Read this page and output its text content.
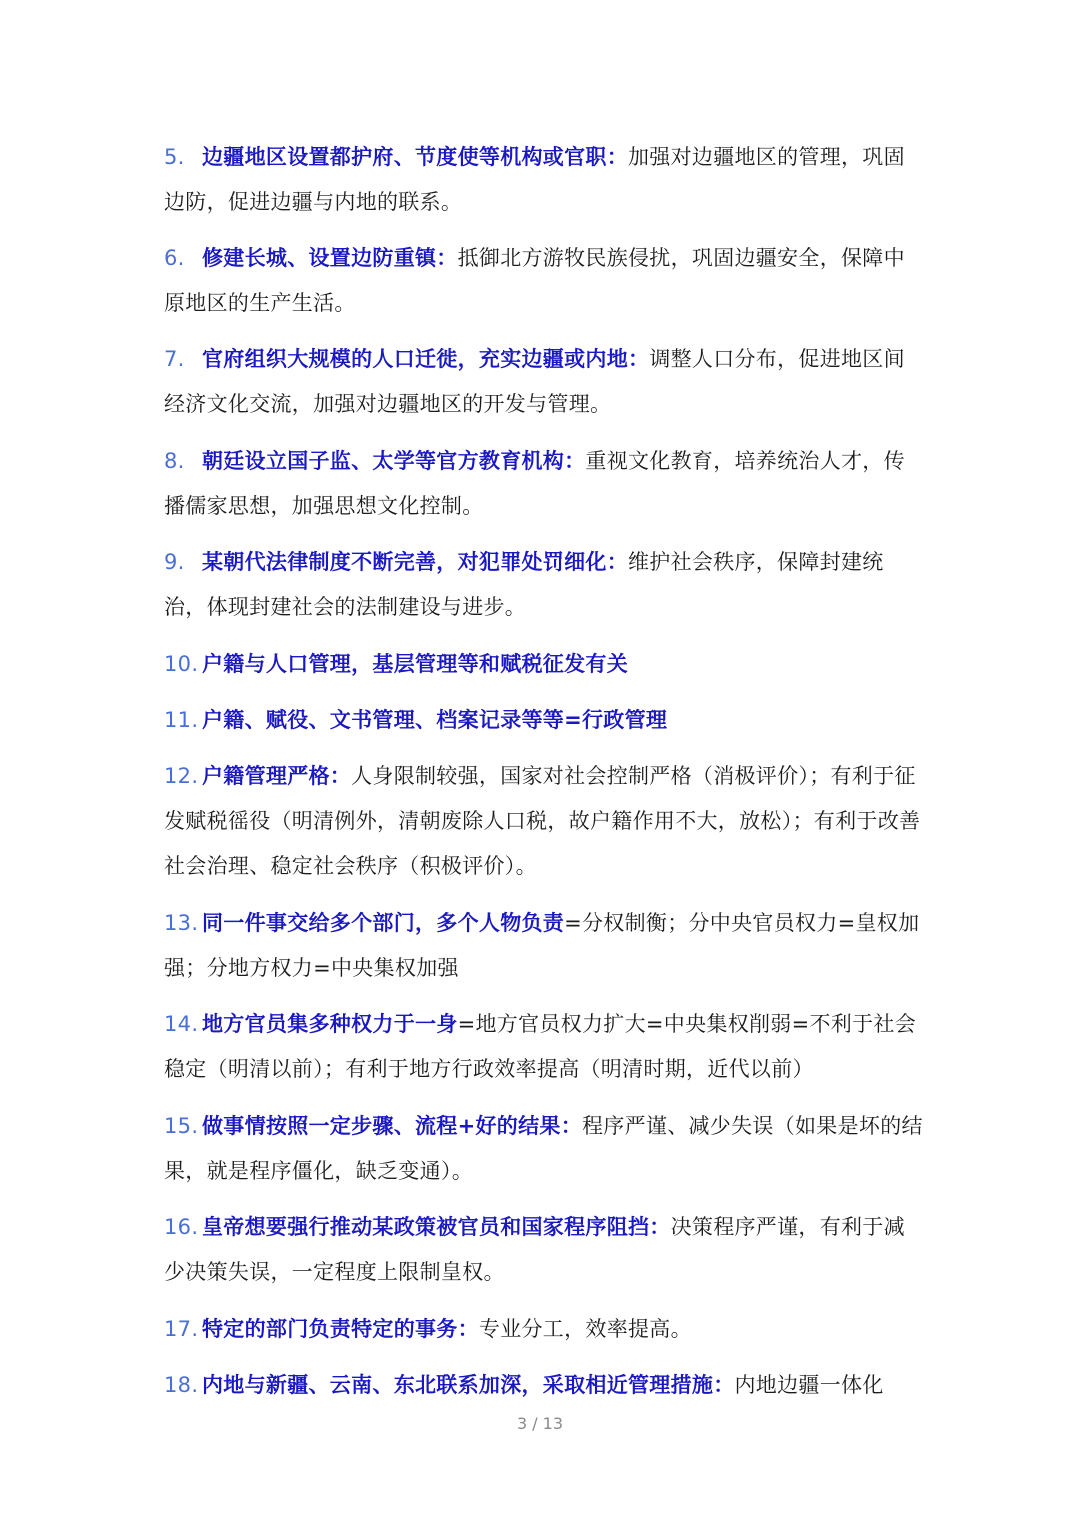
5. 边疆地区设置都护府、节度使等机构或官职：加强对边疆地区的管理，巩固边防，促进边疆与内地的联系。

6. 修建长城、设置边防重镇：抵御北方游牧民族侵扰，巩固边疆安全，保障中原地区的生产生活。

7. 官府组织大规模的人口迁徙，充实边疆或内地：调整人口分布，促进地区间经济文化交流，加强对边疆地区的开发与管理。

8. 朝廷设立国子监、太学等官方教育机构：重视文化教育，培养统治人才，传播儒家思想，加强思想文化控制。

9. 某朝代法律制度不断完善，对犯罪处罚细化：维护社会秩序，保障封建统治，体现封建社会的法制建设与进步。

10. 户籍与人口管理，基层管理等和赋税征发有关

11. 户籍、赋役、文书管理、档案记录等等=行政管理

12. 户籍管理严格：人身限制较强，国家对社会控制严格（消极评价）；有利于征发赋税徭役（明清例外，清朝废除人口税，故户籍作用不大，放松）；有利于改善社会治理、稳定社会秩序（积极评价）。

13. 同一件事交给多个部门，多个人物负责=分权制衡；分中央官员权力=皇权加强；分地方权力=中央集权加强

14. 地方官员集多种权力于一身=地方官员权力扩大=中央集权削弱=不利于社会稳定（明清以前）；有利于地方行政效率提高（明清时期，近代以前）

15. 做事情按照一定步骤、流程+好的结果：程序严谨、减少失误（如果是坏的结果，就是程序僵化，缺乏变通）。

16. 皇帝想要强行推动某政策被官员和国家程序阻挡：决策程序严谨，有利于减少决策失误，一定程度上限制皇权。

17. 特定的部门负责特定的事务：专业分工，效率提高。

18. 内地与新疆、云南、东北联系加深，采取相近管理措施：内地边疆一体化

3 / 13
